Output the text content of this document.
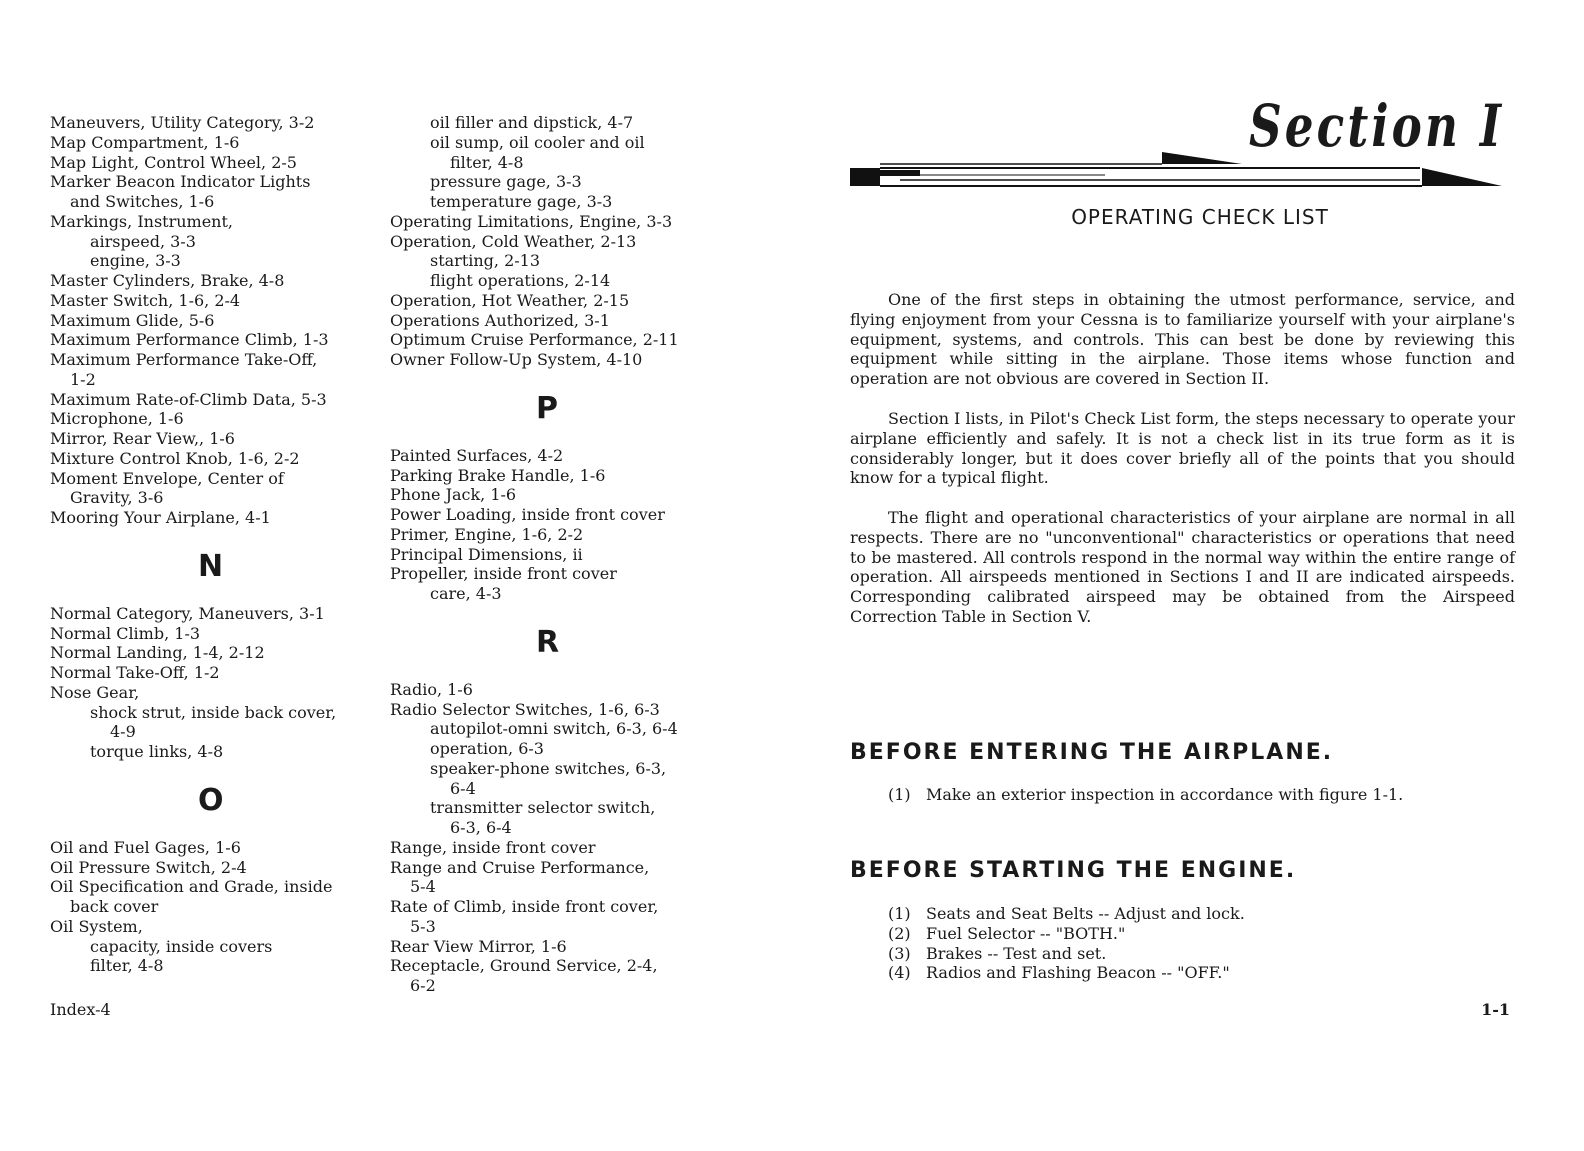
Maneuvers, Utility Category, 3-2
Map Compartment, 1-6
Map Light, Control Wheel, 2-5
Marker Beacon Indicator Lights
and Switches, 1-6
Markings, Instrument,
airspeed, 3-3
engine, 3-3
Master Cylinders, Brake, 4-8
Master Switch, 1-6, 2-4
Maximum Glide, 5-6
Maximum Performance Climb, 1-3
Maximum Performance Take-Off,
1-2
Maximum Rate-of-Climb Data, 5-3
Microphone, 1-6
Mirror, Rear View,, 1-6
Mixture Control Knob, 1-6, 2-2
Moment Envelope, Center of
Gravity, 3-6
Mooring Your Airplane, 4-1
N
Normal Category, Maneuvers, 3-1
Normal Climb, 1-3
Normal Landing, 1-4, 2-12
Normal Take-Off, 1-2
Nose Gear,
shock strut, inside back cover,
4-9
torque links, 4-8
O
Oil and Fuel Gages, 1-6
Oil Pressure Switch, 2-4
Oil Specification and Grade, inside
back cover
Oil System,
capacity, inside covers
filter, 4-8
oil filler and dipstick, 4-7
oil sump, oil cooler and oil
filter, 4-8
pressure gage, 3-3
temperature gage, 3-3
Operating Limitations, Engine, 3-3
Operation, Cold Weather, 2-13
starting, 2-13
flight operations, 2-14
Operation, Hot Weather, 2-15
Operations Authorized, 3-1
Optimum Cruise Performance, 2-11
Owner Follow-Up System, 4-10
P
Painted Surfaces, 4-2
Parking Brake Handle, 1-6
Phone Jack, 1-6
Power Loading, inside front cover
Primer, Engine, 1-6, 2-2
Principal Dimensions, ii
Propeller, inside front cover
care, 4-3
R
Radio, 1-6
Radio Selector Switches, 1-6, 6-3
autopilot-omni switch, 6-3, 6-4
operation, 6-3
speaker-phone switches, 6-3,
6-4
transmitter selector switch,
6-3, 6-4
Range, inside front cover
Range and Cruise Performance,
5-4
Rate of Climb, inside front cover,
5-3
Rear View Mirror, 1-6
Receptacle, Ground Service, 2-4,
6-2
Index-4
Section I
OPERATING CHECK LIST

One of the first steps in obtaining the utmost performance, service, and flying enjoyment from your Cessna is to familiarize yourself with your airplane's equipment, systems, and controls. This can best be done by reviewing this equipment while sitting in the airplane. Those items whose function and operation are not obvious are covered in Section II.

Section I lists, in Pilot's Check List form, the steps necessary to operate your airplane efficiently and safely. It is not a check list in its true form as it is considerably longer, but it does cover briefly all of the points that you should know for a typical flight.

The flight and operational characteristics of your airplane are normal in all respects. There are no "unconventional" characteristics or operations that need to be mastered. All controls respond in the normal way within the entire range of operation. All airspeeds mentioned in Sections I and II are indicated airspeeds. Corresponding calibrated airspeed may be obtained from the Airspeed Correction Table in Section V.

BEFORE ENTERING THE AIRPLANE.
(1) Make an exterior inspection in accordance with figure 1-1.
BEFORE STARTING THE ENGINE.
(1) Seats and Seat Belts -- Adjust and lock.
(2) Fuel Selector -- "BOTH."
(3) Brakes -- Test and set.
(4) Radios and Flashing Beacon -- "OFF."
1-1
